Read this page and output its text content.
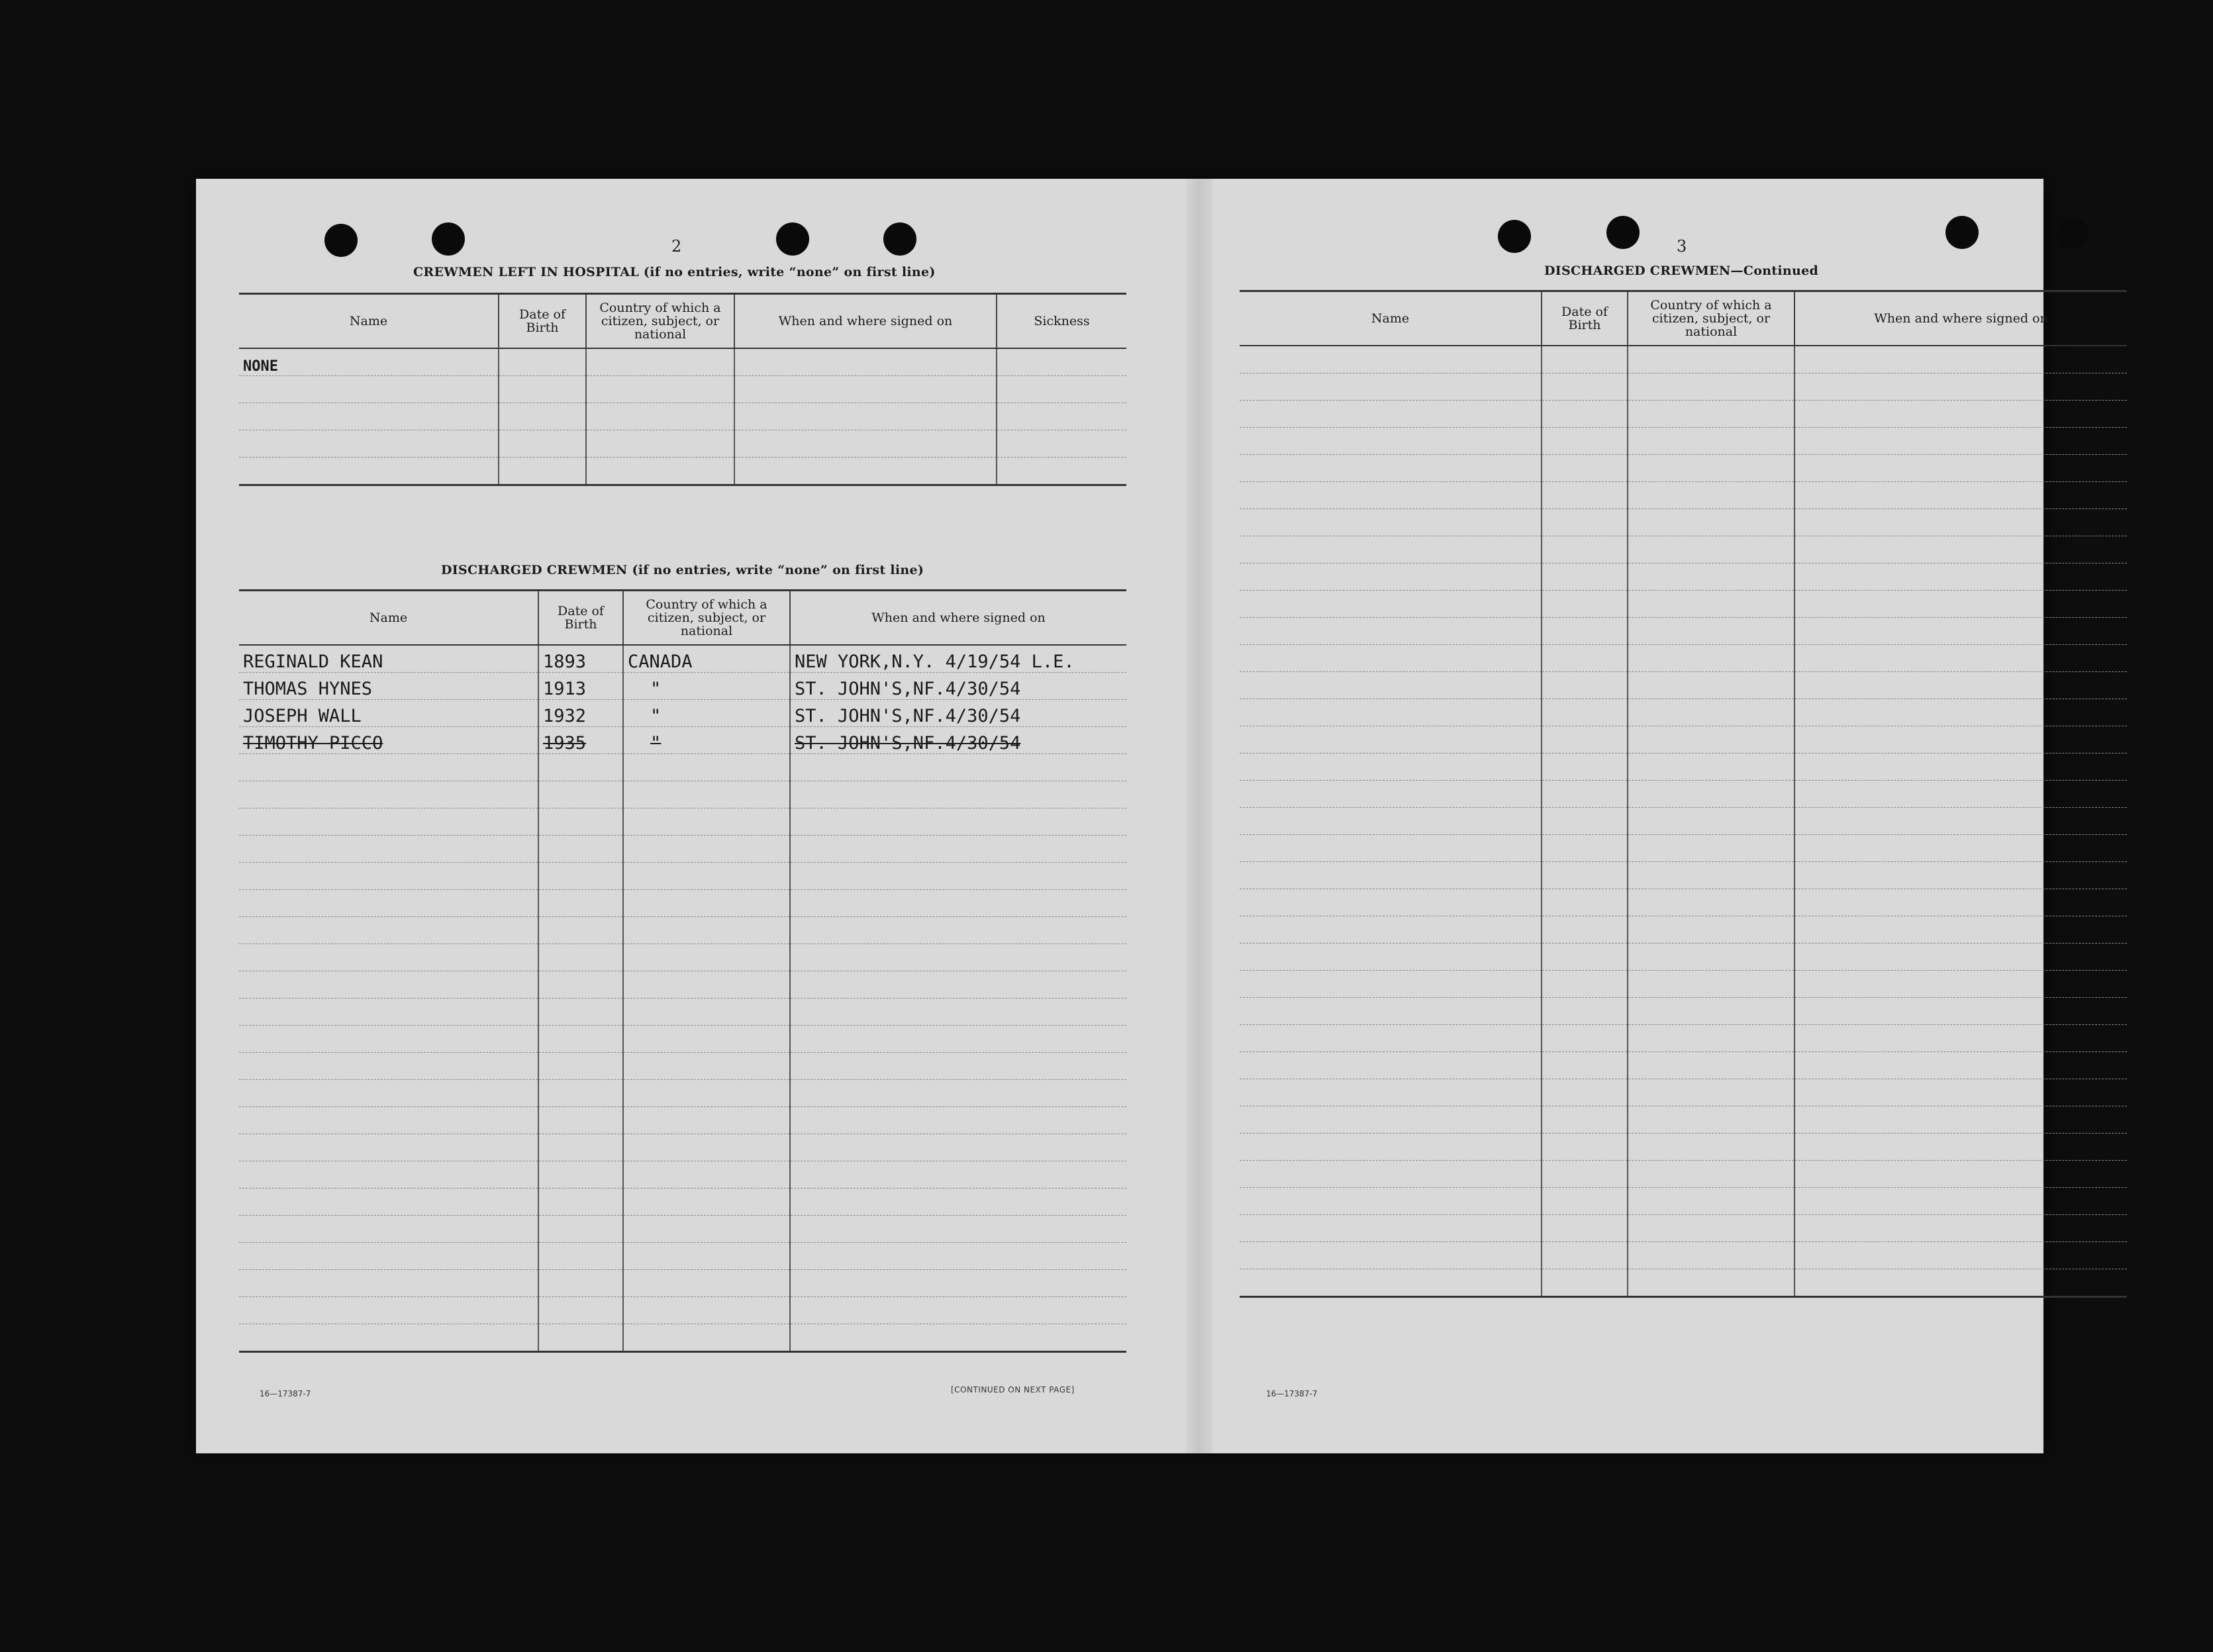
2
CREWMEN LEFT IN HOSPITAL (if no entries, write “none” on first line)
Name	Date of Birth	Country of which a citizen, subject, or national	When and where signed on	Sickness
NONE				

DISCHARGED CREWMEN (if no entries, write “none” on first line)
Name	Date of Birth	Country of which a citizen, subject, or national	When and where signed on
REGINALD KEAN	1893	CANADA	NEW YORK,N.Y. 4/19/54 L.E.
THOMAS HYNES	1913	"	ST. JOHN'S,NF.4/30/54
JOSEPH WALL	1932	"	ST. JOHN'S,NF.4/30/54
TIMOTHY PICCO	1935	"	ST. JOHN'S,NF.4/30/54

16—17387-7	[CONTINUED ON NEXT PAGE]
3
DISCHARGED CREWMEN—Continued
Name	Date of Birth	Country of which a citizen, subject, or national	When and where signed on

16—17387-7
